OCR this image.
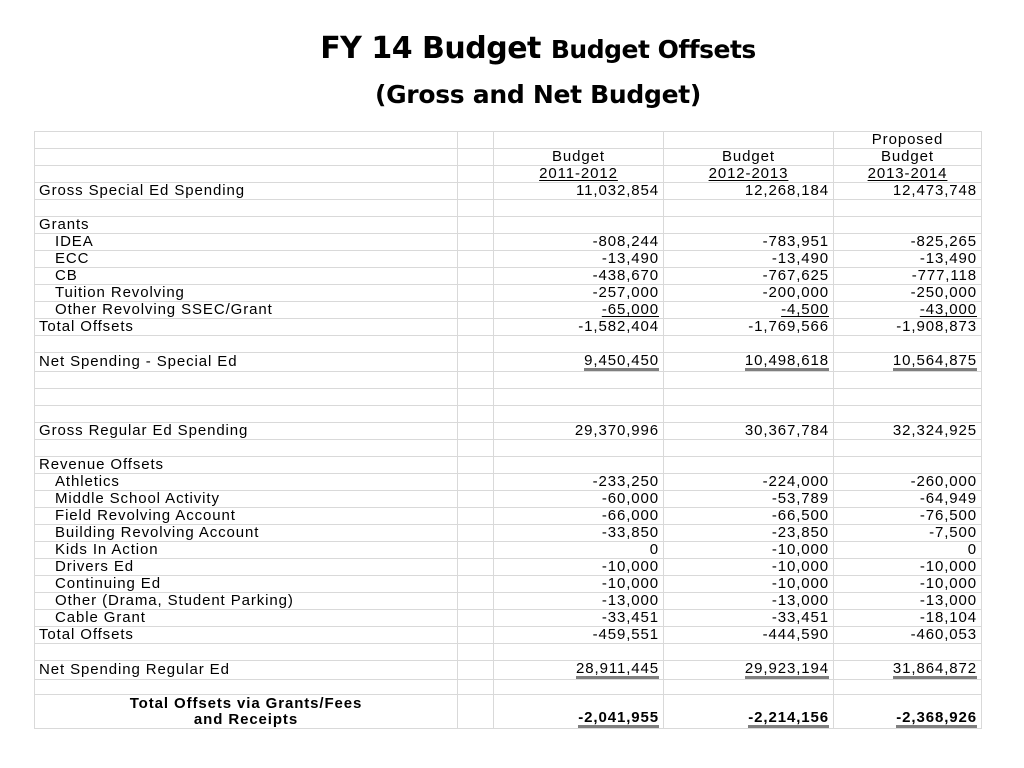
FY 14 Budget Budget Offsets
(Gross and Net Budget)
				Proposed
		Budget	Budget	Budget
		2011-2012	2012-2013	2013-2014
Gross Special Ed Spending		11,032,854	12,268,184	12,473,748

Grants				
IDEA		-808,244	-783,951	-825,265
ECC		-13,490	-13,490	-13,490
CB		-438,670	-767,625	-777,118
Tuition Revolving		-257,000	-200,000	-250,000
Other Revolving SSEC/Grant		-65,000	-4,500	-43,000
Total Offsets		-1,582,404	-1,769,566	-1,908,873

Net Spending - Special Ed		9,450,450	10,498,618	10,564,875

Gross Regular Ed Spending		29,370,996	30,367,784	32,324,925

Revenue Offsets				
Athletics		-233,250	-224,000	-260,000
Middle School Activity		-60,000	-53,789	-64,949
Field Revolving Account		-66,000	-66,500	-76,500
Building Revolving Account		-33,850	-23,850	-7,500
Kids In Action		0	-10,000	0
Drivers Ed		-10,000	-10,000	-10,000
Continuing Ed		-10,000	-10,000	-10,000
Other (Drama, Student Parking)		-13,000	-13,000	-13,000
Cable Grant		-33,451	-33,451	-18,104
Total Offsets		-459,551	-444,590	-460,053

Net Spending Regular Ed		28,911,445	29,923,194	31,864,872

Total Offsets via Grants/Fees
and Receipts		-2,041,955	-2,214,156	-2,368,926
